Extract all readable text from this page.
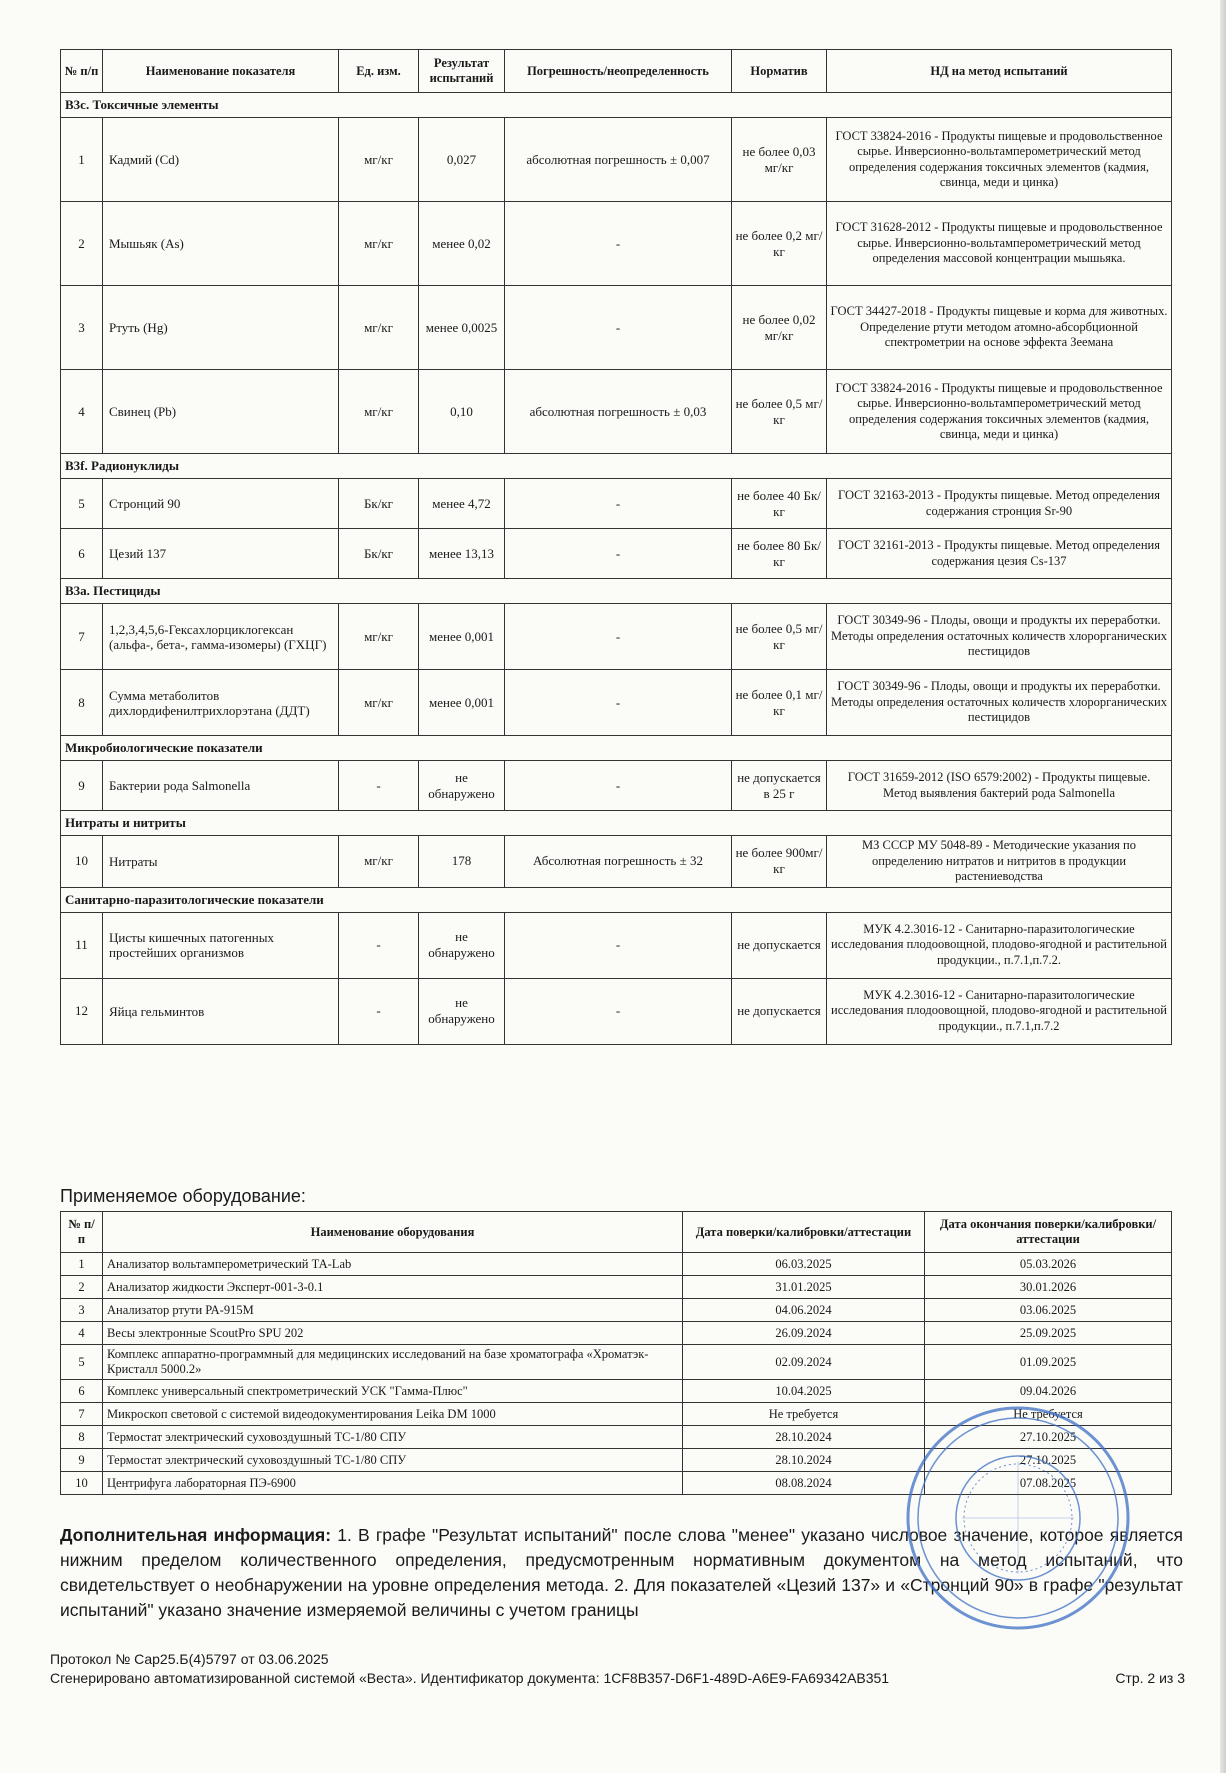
№ п/п	Наименование показателя	Ед. изм.	Результат испытаний	Погрешность/неопределенность	Норматив	НД на метод испытаний
В3с. Токсичные элементы						
1	Кадмий (Cd)	мг/кг	0,027	абсолютная погрешность ± 0,007	не более 0,03 мг/кг	ГОСТ 33824-2016 - Продукты пищевые и продовольственное сырье. Инверсионно-вольтамперометрический метод определения содержания токсичных элементов (кадмия, свинца, меди и цинка)
2	Мышьяк (As)	мг/кг	менее 0,02	-	не более 0,2 мг/кг	ГОСТ 31628-2012 - Продукты пищевые и продовольственное сырье. Инверсионно-вольтамперометрический метод определения массовой концентрации мышьяка.
3	Ртуть (Hg)	мг/кг	менее 0,0025	-	не более 0,02 мг/кг	ГОСТ 34427-2018 - Продукты пищевые и корма для животных. Определение ртути методом атомно-абсорбционной спектрометрии на основе эффекта Зеемана
4	Свинец (Pb)	мг/кг	0,10	абсолютная погрешность ± 0,03	не более 0,5 мг/кг	ГОСТ 33824-2016 - Продукты пищевые и продовольственное сырье. Инверсионно-вольтамперометрический метод определения содержания токсичных элементов (кадмия, свинца, меди и цинка)
В3f. Радионуклиды						
5	Стронций 90	Бк/кг	менее 4,72	-	не более 40 Бк/кг	ГОСТ 32163-2013 - Продукты пищевые. Метод определения содержания стронция Sr-90
6	Цезий 137	Бк/кг	менее 13,13	-	не более 80 Бк/кг	ГОСТ 32161-2013 - Продукты пищевые. Метод определения содержания цезия Cs-137
В3а. Пестициды						
7	1,2,3,4,5,6-Гексахлорциклогексан (альфа-, бета-, гамма-изомеры) (ГХЦГ)	мг/кг	менее 0,001	-	не более 0,5 мг/кг	ГОСТ 30349-96 - Плоды, овощи и продукты их переработки. Методы определения остаточных количеств хлорорганических пестицидов
8	Сумма метаболитов дихлордифенилтрихлорэтана (ДДТ)	мг/кг	менее 0,001	-	не более 0,1 мг/кг	ГОСТ 30349-96 - Плоды, овощи и продукты их переработки. Методы определения остаточных количеств хлорорганических пестицидов
Микробиологические показатели						
9	Бактерии рода Salmonella	-	не обнаружено	-	не допускается в 25 г	ГОСТ 31659-2012 (ISO 6579:2002) - Продукты пищевые. Метод выявления бактерий рода Salmonella
Нитраты и нитриты						
10	Нитраты	мг/кг	178	Абсолютная погрешность ± 32	не более 900мг/кг	МЗ СССР МУ 5048-89 - Методические указания по определению нитратов и нитритов в продукции растениеводства
Санитарно-паразитологические показатели						
11	Цисты кишечных патогенных простейших организмов	-	не обнаружено	-	не допускается	МУК 4.2.3016-12 - Санитарно-паразитологические исследования плодоовощной, плодово-ягодной и растительной продукции., п.7.1,п.7.2.
12	Яйца гельминтов	-	не обнаружено	-	не допускается	МУК 4.2.3016-12 - Санитарно-паразитологические исследования плодоовощной, плодово-ягодной и растительной продукции., п.7.1,п.7.2
Применяемое оборудование:
№ п/п	Наименование оборудования	Дата поверки/калибровки/аттестации	Дата окончания поверки/калибровки/аттестации
1	Анализатор вольтамперометрический ТА-Lab	06.03.2025	05.03.2026
2	Анализатор жидкости Эксперт-001-3-0.1	31.01.2025	30.01.2026
3	Анализатор ртути РА-915М	04.06.2024	03.06.2025
4	Весы электронные ScoutPro SPU 202	26.09.2024	25.09.2025
5	Комплекс аппаратно-программный для медицинских исследований на базе хроматографа «Хроматэк-Кристалл 5000.2»	02.09.2024	01.09.2025
6	Комплекс универсальный спектрометрический УСК "Гамма-Плюс"	10.04.2025	09.04.2026
7	Микроскоп световой с системой видеодокументирования Leika DM 1000	Не требуется	Не требуется
8	Термостат электрический суховоздушный ТС-1/80 СПУ	28.10.2024	27.10.2025
9	Термостат электрический суховоздушный ТС-1/80 СПУ	28.10.2024	27.10.2025
10	Центрифуга лабораторная ПЭ-6900	08.08.2024	07.08.2025
Дополнительная информация: 1. В графе "Результат испытаний" после слова "менее" указано числовое значение, которое является нижним пределом количественного определения, предусмотренным нормативным документом на метод испытаний, что свидетельствует о необнаружении на уровне определения метода. 2. Для показателей «Цезий 137» и «Стронций 90» в графе "результат испытаний" указано значение измеряемой величины с учетом границы
Протокол № Сар25.Б(4)5797 от 03.06.2025
Сгенерировано автоматизированной системой «Веста». Идентификатор документа: 1CF8B357-D6F1-489D-A6E9-FA69342AB351	Стр. 2 из 3
